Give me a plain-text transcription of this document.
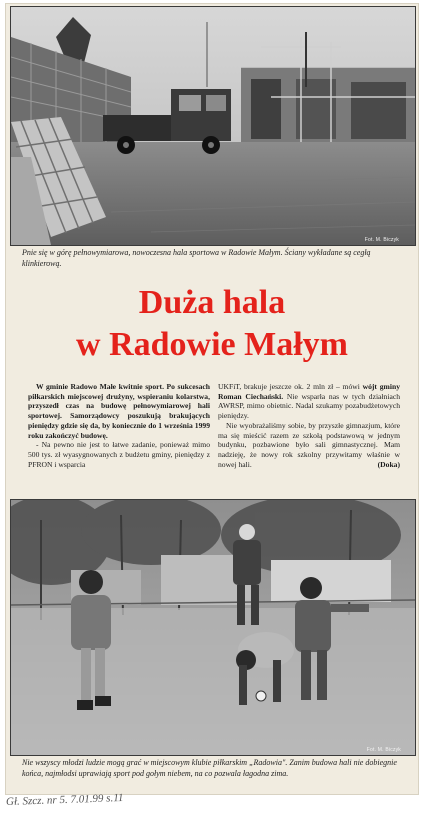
Fot. M. Biczyk

Pnie się w górę pełnowymiarowa, nowoczesna hala sportowa w Radowie Małym. Ściany wykładane są cegłą klinkierową.

Duża hala
w Radowie Małym

W gminie Radowo Małe kwitnie sport. Po sukcesach piłkarskich miejscowej drużyny, wspieraniu kolarstwa, przyszedł czas na budowę pełnowymiarowej hali sportowej. Samorządowcy poszukują brakujących pieniędzy gdzie się da, by koniecznie do 1 września 1999 roku zakończyć budowę.

- Na pewno nie jest to łatwe zadanie, ponieważ mimo 500 tys. zł wyasygnowanych z budżetu gminy, pieniędzy z PFRON i wsparcia

UKFiT, brakuje jeszcze ok. 2 mln zł – mówi wójt gminy Roman Ciechański. Nie wsparła nas w tych działniach AWRSP, mimo obietnic. Nadal szukamy pozabudżetowych pieniędzy.

Nie wyobrażaliśmy sobie, by przyszłe gimnazjum, które ma się mieścić razem ze szkołą podstawową w jednym budynku, pozbawione było sali gimnastycznej. Mam nadzieję, że nowy rok szkolny przywitamy właśnie w nowej hali.	(Doka)

Fot. M. Biczyk

Nie wszyscy młodzi ludzie mogą grać w miejscowym klubie piłkarskim „Radowia". Zanim budowa hali nie dobiegnie końca, najmłodsi uprawiają sport pod gołym niebem, na co pozwala łagodna zima.

Gł. Szcz. nr 5. 7.01.99 s.11
